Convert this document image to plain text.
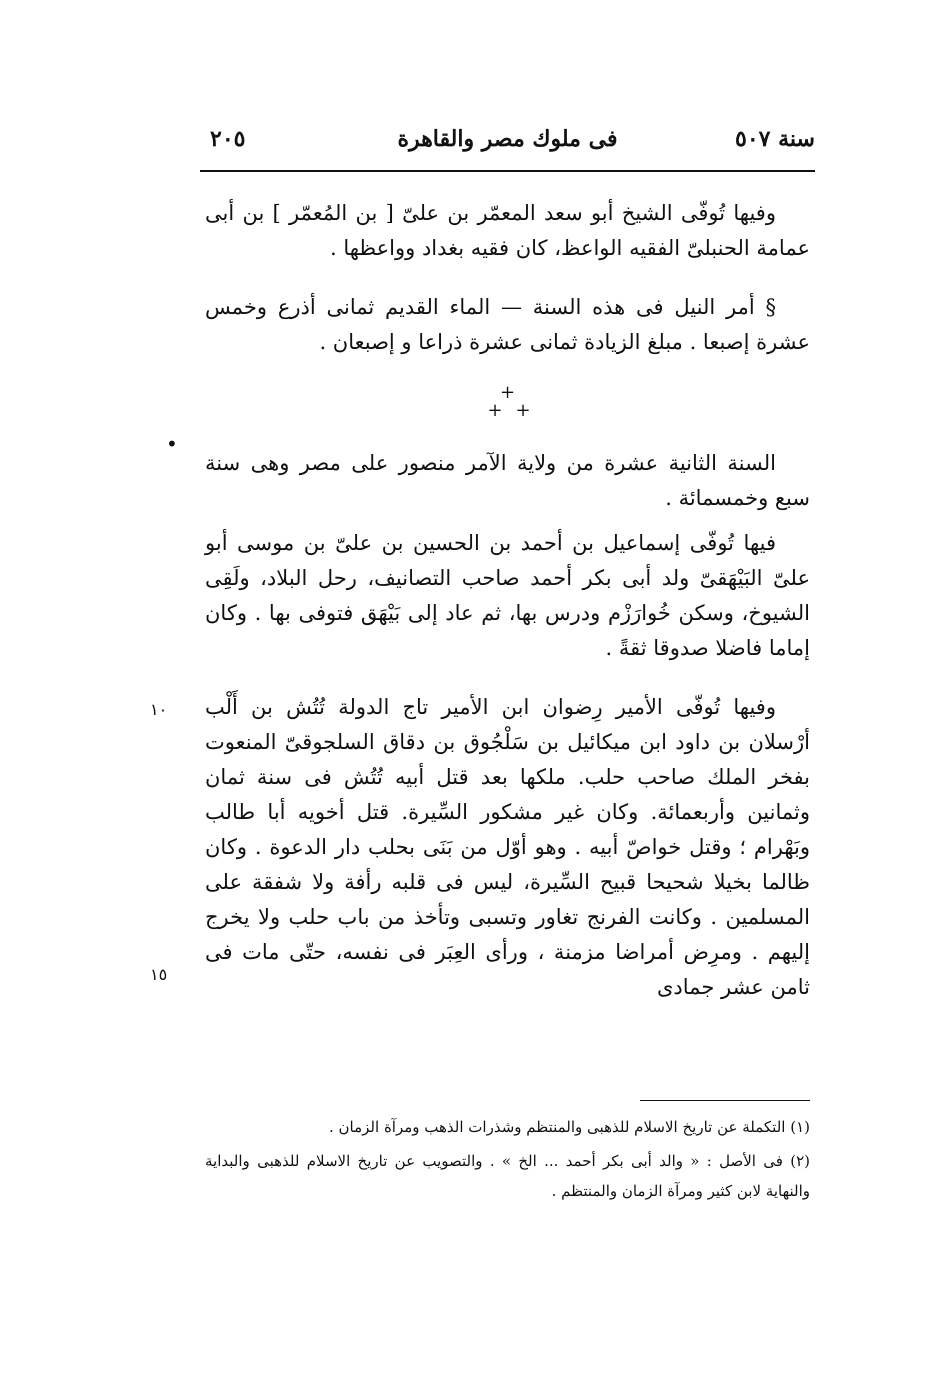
سنة ٥٠٧
فى ملوك مصر والقاهرة
٢٠٥
•
١٠
١٥

وفيها تُوفّى الشيخ أبو سعد المعمّر بن علىّ [ بن المُعمّر ] بن أبى عمامة الحنبلىّ الفقيه الواعظ، كان فقيه بغداد وواعظها .

§ أمر النيل فى هذه السنة — الماء القديم ثمانى أذرع وخمس عشرة إصبعا . مبلغ الزيادة ثمانى عشرة ذراعا و إصبعان .

+
+ +

السنة الثانية عشرة من ولاية الآمر منصور على مصر وهى سنة سبع وخمسمائة .

فيها تُوفّى إسماعيل بن أحمد بن الحسين بن علىّ بن موسى أبو علىّ البَيْهَقىّ ولد أبى بكر أحمد صاحب التصانيف، رحل البلاد، ولَقِى الشيوخ، وسكن خُوارَزْم ودرس بها، ثم عاد إلى بَيْهَق فتوفى بها . وكان إماما فاضلا صدوقا ثقةً .

وفيها تُوفّى الأمير رِضوان ابن الأمير تاج الدولة تُتُش بن أَلْب أرْسلان بن داود ابن ميكائيل بن سَلْجُوق بن دقاق السلجوقىّ المنعوت بفخر الملك صاحب حلب. ملكها بعد قتل أبيه تُتُش فى سنة ثمان وثمانين وأربعمائة. وكان غير مشكور السِّيرة. قتل أخويه أبا طالب وبَهْرام ؛ وقتل خواصّ أبيه . وهو أوّل من بَنَى بحلب دار الدعوة . وكان ظالما بخيلا شحيحا قبيح السِّيرة، ليس فى قلبه رأفة ولا شفقة على المسلمين . وكانت الفرنج تغاور وتسبى وتأخذ من باب حلب ولا يخرج إليهم . ومرِض أمراضا مزمنة ، ورأى العِبَر فى نفسه، حتّى مات فى ثامن عشر جمادى

(١) التكملة عن تاريخ الاسلام للذهبى والمنتظم وشذرات الذهب ومرآة الزمان .

(٢) فى الأصل : « والد أبى بكر أحمد ... الخ » . والتصويب عن تاريخ الاسلام للذهبى والبداية والنهاية لابن كثير ومرآة الزمان والمنتظم .
